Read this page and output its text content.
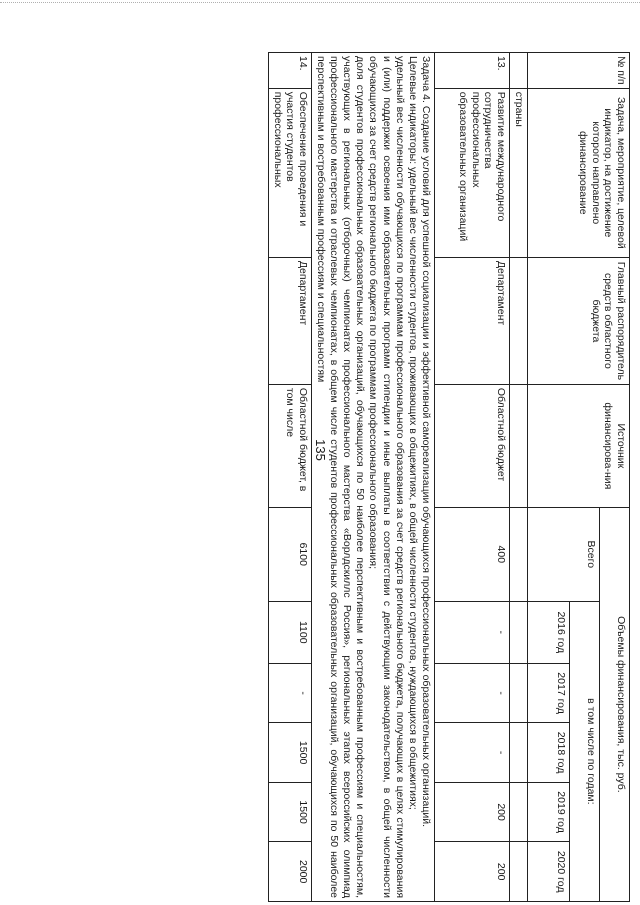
135
№ п/п	Задача, мероприятие, целевой индикатор, на достижение которого направлено финансирование	Главный распорядитель средств областного бюджета	Источник финансирова-ния	Объемы финансирования, тыс. руб.					
				Всего	в том числе по годам:				
					2016 год	2017 год	2018 год	2019 год	2020 год
	страны								
13.	Развитие международного сотрудничества профессиональных образовательных организаций	Департамент	Областной бюджет	400	-	-	-	200	200

Задача 4. Создание условий для успешной социализации и эффективной самореализации обучающихся профессиональных образовательных организаций.

Целевые индикаторы: удельный вес численности студентов, проживающих в общежитиях, в общей численности студентов, нуждающихся в общежитиях;

удельный вес численности обучающихся по программам профессионального образования за счет средств регионального бюджета, получающих в целях стимулирования и (или) поддержки освоения ими образовательных программ стипендии и иные выплаты в соответствии с действующим законодательством, в общей численности обучающихся за счет средств регионального бюджета по программам профессионального образования;

доля студентов профессиональных образовательных организаций, обучающихся по 50 наиболее перспективным и востребованным профессиям и специальностям, участвующих в региональных (отборочных) чемпионатах профессионального мастерства «Ворлдскиллс Россия», региональных этапах всероссийских олимпиад профессионального мастерства и отраслевых чемпионатах, в общем числе студентов профессиональных образовательных организаций, обучающихся по 50 наиболее перспективным и востребованным профессиям и специальностям									

14.	Обеспечение проведения и участия студентов профессиональных	Департамент	Областной бюджет, в том числе	6100	1100	-	1500	1500	2000
